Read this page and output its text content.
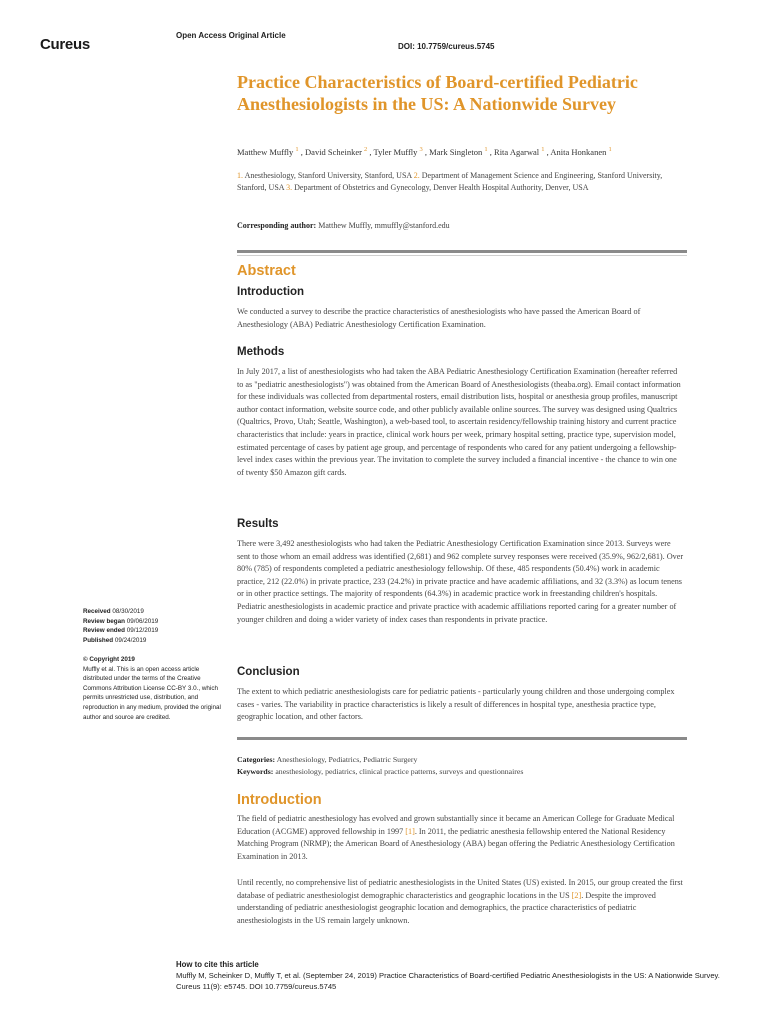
Cureus
Open Access Original Article
DOI: 10.7759/cureus.5745
Practice Characteristics of Board-certified Pediatric Anesthesiologists in the US: A Nationwide Survey
Matthew Muffly $^1$ , David Scheinker $^2$ , Tyler Muffly $^3$ , Mark Singleton $^1$ , Rita Agarwal $^1$ , Anita Honkanen $^1$
1. Anesthesiology, Stanford University, Stanford, USA 2. Department of Management Science and Engineering, Stanford University, Stanford, USA 3. Department of Obstetrics and Gynecology, Denver Health Hospital Authority, Denver, USA
Corresponding author: Matthew Muffly, mmuffly@stanford.edu
Abstract
Introduction
We conducted a survey to describe the practice characteristics of anesthesiologists who have passed the American Board of Anesthesiology (ABA) Pediatric Anesthesiology Certification Examination.
Methods
In July 2017, a list of anesthesiologists who had taken the ABA Pediatric Anesthesiology Certification Examination (hereafter referred to as "pediatric anesthesiologists") was obtained from the American Board of Anesthesiologists (theaba.org). Email contact information for these individuals was collected from departmental rosters, email distribution lists, hospital or anesthesia group profiles, manuscript author contact information, website source code, and other publicly available online sources. The survey was designed using Qualtrics (Qualtrics, Provo, Utah; Seattle, Washington), a web-based tool, to ascertain residency/fellowship training history and current practice characteristics that include: years in practice, clinical work hours per week, primary hospital setting, practice type, supervision model, estimated percentage of cases by patient age group, and percentage of respondents who cared for any patient undergoing a fellowship-level index cases within the previous year. The invitation to complete the survey included a financial incentive - the chance to win one of twenty $50 Amazon gift cards.
Results
There were 3,492 anesthesiologists who had taken the Pediatric Anesthesiology Certification Examination since 2013. Surveys were sent to those whom an email address was identified (2,681) and 962 complete survey responses were received (35.9%, 962/2,681). Over 80% (785) of respondents completed a pediatric anesthesiology fellowship. Of these, 485 respondents (50.4%) work in academic practice, 212 (22.0%) in private practice, 233 (24.2%) in private practice and have academic affiliations, and 32 (3.3%) as locum tenens or in other practice settings. The majority of respondents (64.3%) in academic practice work in freestanding children's hospitals. Pediatric anesthesiologists in academic practice and private practice with academic affiliations reported caring for a greater number of younger children and doing a wider variety of index cases than respondents in private practice.
Conclusion
The extent to which pediatric anesthesiologists care for pediatric patients - particularly young children and those undergoing complex cases - varies. The variability in practice characteristics is likely a result of differences in hospital type, anesthesia practice type, geographic location, and other factors.
Received 08/30/2019
Review began 09/06/2019
Review ended 09/12/2019
Published 09/24/2019
© Copyright 2019
Muffly et al. This is an open access article distributed under the terms of the Creative Commons Attribution License CC-BY 3.0., which permits unrestricted use, distribution, and reproduction in any medium, provided the original author and source are credited.
Categories: Anesthesiology, Pediatrics, Pediatric Surgery
Keywords: anesthesiology, pediatrics, clinical practice patterns, surveys and questionnaires
Introduction
The field of pediatric anesthesiology has evolved and grown substantially since it became an American College for Graduate Medical Education (ACGME) approved fellowship in 1997 [1]. In 2011, the pediatric anesthesia fellowship entered the National Residency Matching Program (NRMP); the American Board of Anesthesiology (ABA) began offering the Pediatric Anesthesiology Certification Examination in 2013.
Until recently, no comprehensive list of pediatric anesthesiologists in the United States (US) existed. In 2015, our group created the first database of pediatric anesthesiologist demographic characteristics and geographic locations in the US [2]. Despite the improved understanding of pediatric anesthesiologist geographic location and demographics, the practice characteristics of pediatric anesthesiologists in the US remain largely unknown.
How to cite this article
Muffly M, Scheinker D, Muffly T, et al. (September 24, 2019) Practice Characteristics of Board-certified Pediatric Anesthesiologists in the US: A Nationwide Survey. Cureus 11(9): e5745. DOI 10.7759/cureus.5745
